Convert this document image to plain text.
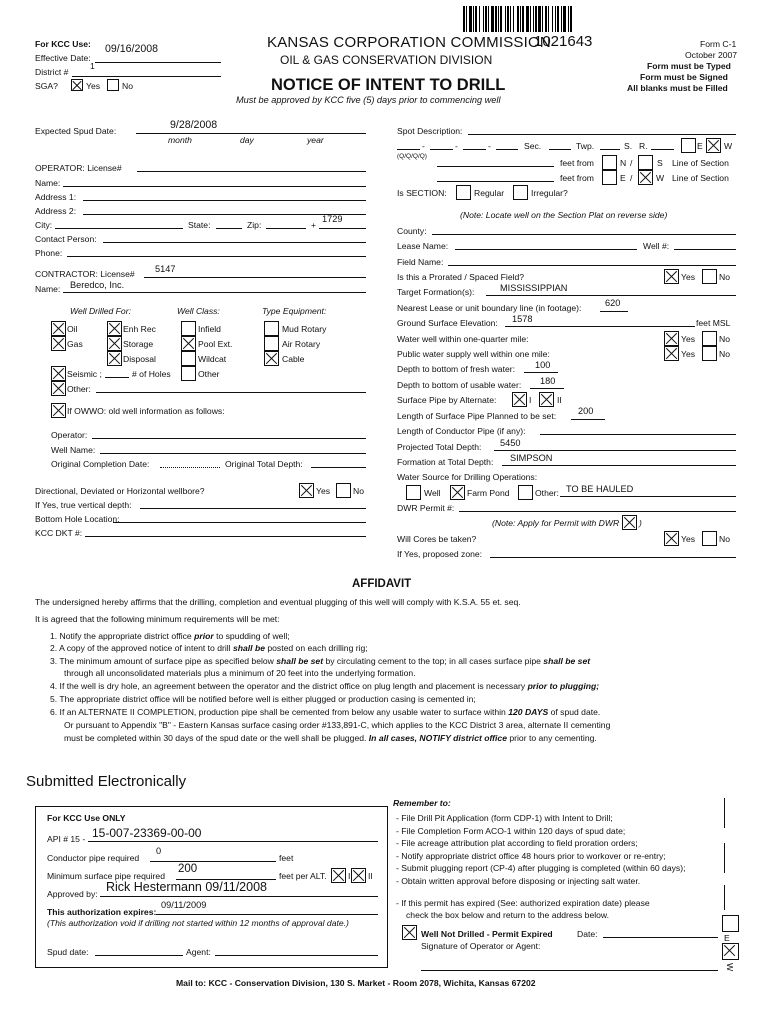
For KCC Use:
Effective Date:
09/16/2008
District #
1
SGA?	Yes	No
KANSAS CORPORATION COMMISSION
OIL & GAS CONSERVATION DIVISION
1021643
NOTICE OF INTENT TO DRILL
Must be approved by KCC five (5) days prior to commencing well
Form C-1
October 2007
Form must be Typed
Form must be Signed
All blanks must be Filled
Expected Spud Date:	9/28/2008
month	day	year
OPERATOR: License#
Name:
Address 1:
Address 2:
City:	State:	Zip:	+
1729
Contact Person:
Phone:
CONTRACTOR: License# 5147
Name: Beredco, Inc.
Well Drilled For:	Well Class:	Type Equipment:
Oil
Gas
Enh Rec
Storage
Disposal
Seismic ;	# of Holes
Other:
Infield
Pool Ext.
Wildcat
Other
Mud Rotary
Air Rotary
Cable
If OWWO: old well information as follows:
Operator:
Well Name:
Original Completion Date:	Original Total Depth:
Directional, Deviated or Horizontal wellbore?	Yes	No
If Yes, true vertical depth:
Bottom Hole Location:
KCC DKT #:
Spot Description:
-	-	-	Sec.	Twp.	S. R.	E W
(Q/Q/Q/Q)
feet from	N /	S Line of Section
feet from	E /	W Line of Section
Is SECTION:	Regular	Irregular?
(Note: Locate well on the Section Plat on reverse side)
County:
Lease Name:	Well #:
Field Name:
Is this a Prorated / Spaced Field?	Yes	No
Target Formation(s):	MISSISSIPPIAN
Nearest Lease or unit boundary line (in footage):	620
Ground Surface Elevation: 1578	feet MSL
Water well within one-quarter mile:	Yes	No
Public water supply well within one mile:	Yes	No
Depth to bottom of fresh water: 100
Depth to bottom of usable water: 180
Surface Pipe by Alternate:	I	II
Length of Surface Pipe Planned to be set: 200
Length of Conductor Pipe (if any):
Projected Total Depth: 5450
Formation at Total Depth: SIMPSON
Water Source for Drilling Operations:
Well	Farm Pond	Other: TO BE HAULED
DWR Permit #:
(Note: Apply for Permit with DWR )
Will Cores be taken?	Yes	No
If Yes, proposed zone:
AFFIDAVIT
The undersigned hereby affirms that the drilling, completion and eventual plugging of this well will comply with K.S.A. 55 et. seq.
It is agreed that the following minimum requirements will be met:
1. Notify the appropriate district office prior to spudding of well;
2. A copy of the approved notice of intent to drill shall be posted on each drilling rig;
3. The minimum amount of surface pipe as specified below shall be set by circulating cement to the top; in all cases surface pipe shall be set
through all unconsolidated materials plus a minimum of 20 feet into the underlying formation.
4. If the well is dry hole, an agreement between the operator and the district office on plug length and placement is necessary prior to plugging;
5. The appropriate district office will be notified before well is either plugged or production casing is cemented in;
6. If an ALTERNATE II COMPLETION, production pipe shall be cemented from below any usable water to surface within 120 DAYS of spud date.
Or pursuant to Appendix "B" - Eastern Kansas surface casing order #133,891-C, which applies to the KCC District 3 area, alternate II cementing
must be completed within 30 days of the spud date or the well shall be plugged. In all cases, NOTIFY district office prior to any cementing.
Submitted Electronically
For KCC Use ONLY
API # 15 - 15-007-23369-00-00
Conductor pipe required
0
feet
Minimum surface pipe required
200
feet per ALT. I II
Approved by: Rick Hestermann 09/11/2008
This authorization expires:
09/11/2009
(This authorization void if drilling not started within 12 months of approval date.)
Spud date:	Agent:
Remember to:
- File Drill Pit Application (form CDP-1) with Intent to Drill;
- File Completion Form ACO-1 within 120 days of spud date;
- File acreage attribution plat according to field proration orders;
- Notify appropriate district office 48 hours prior to workover or re-entry;
- Submit plugging report (CP-4) after plugging is completed (within 60 days);
- Obtain written approval before disposing or injecting salt water.
- If this permit has expired (See: authorized expiration date) please
check the box below and return to the address below.
Well Not Drilled - Permit Expired	Date:
Signature of Operator or Agent:
E
W
Mail to: KCC - Conservation Division, 130 S. Market - Room 2078, Wichita, Kansas 67202
